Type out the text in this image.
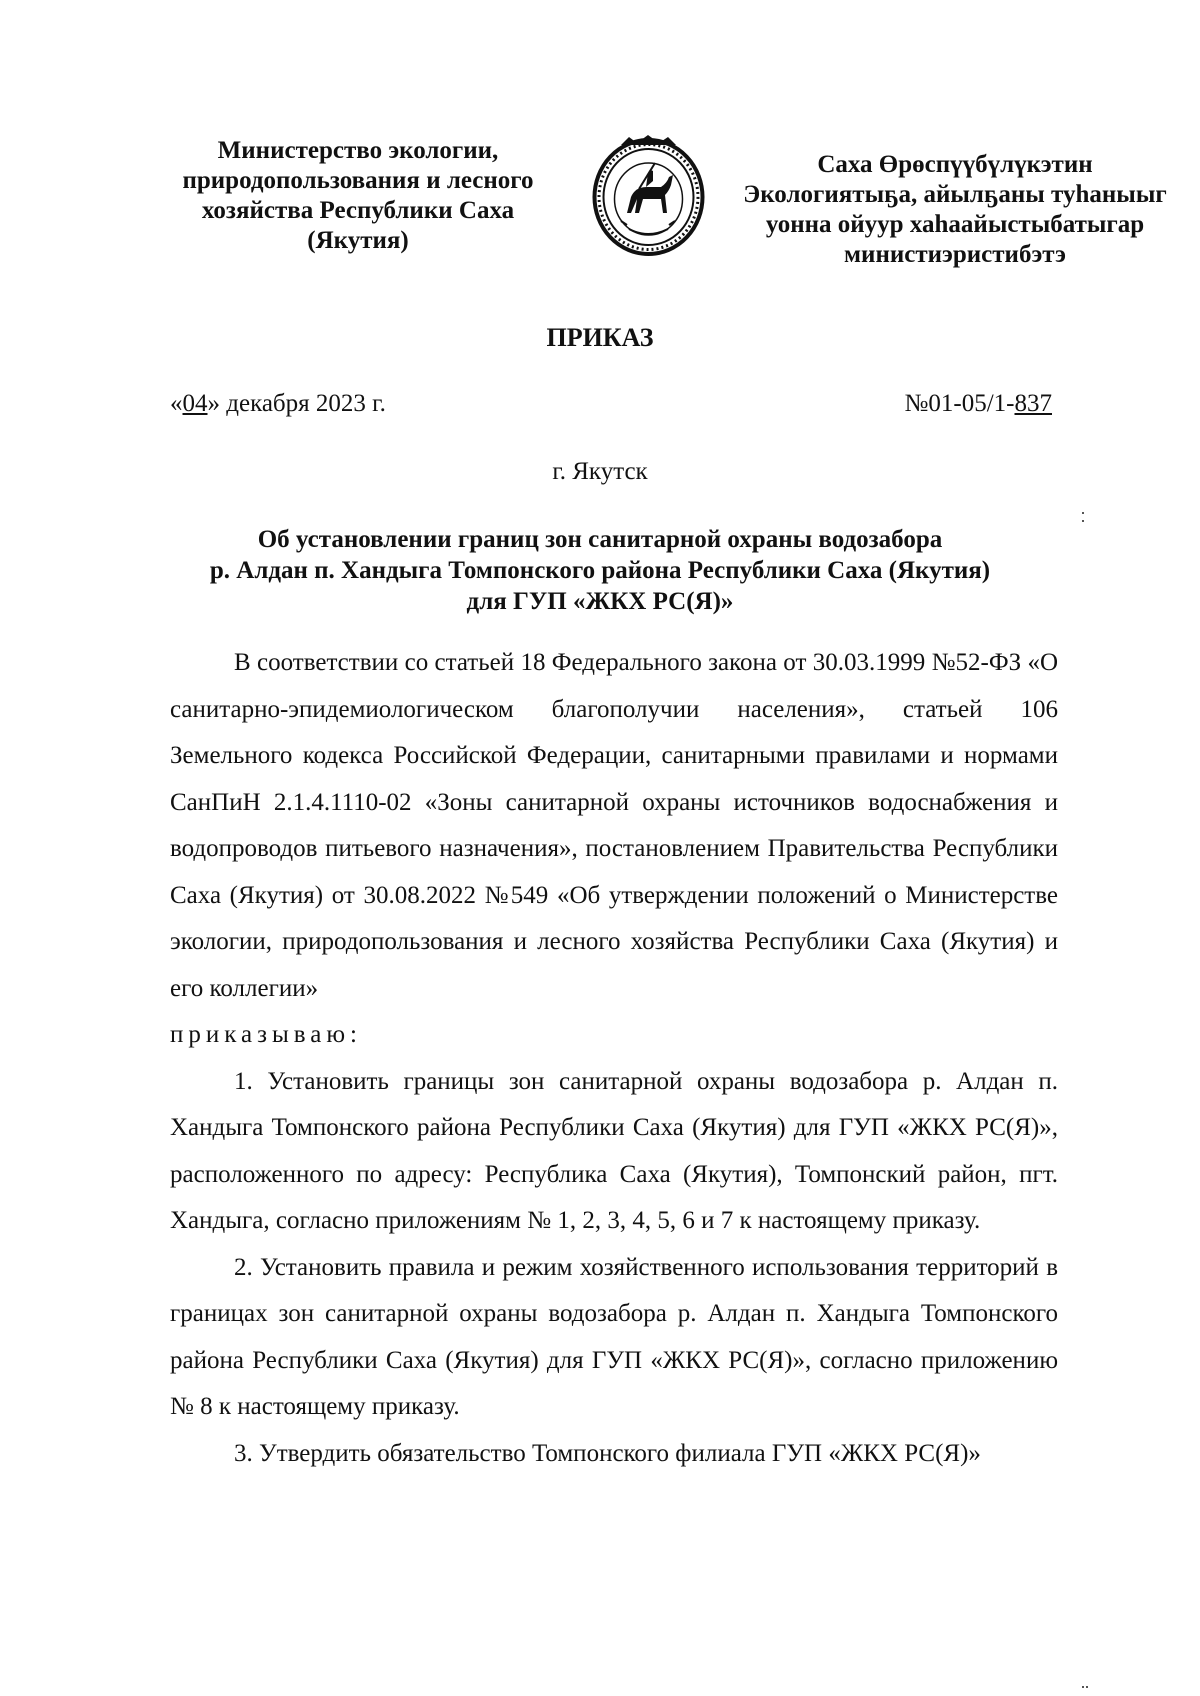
Министерство экологии,
природопользования и лесного
хозяйства Республики Саха
(Якутия)
Саха Өрөспүүбүлүкэтин
Экологиятыҕа, айылҕаны туһаныыг
уонна ойуур хаһаайыстыбатыгар
министиэристибэтэ
ПРИКАЗ
«04» декабря 2023 г.	№01-05/1-837
г. Якутск
Об установлении границ зон санитарной охраны водозабора
р. Алдан п. Хандыга Томпонского района Республики Саха (Якутия)
для ГУП «ЖКХ РС(Я)»

В соответствии со статьей 18 Федерального закона от 30.03.1999 №52-ФЗ «О санитарно-эпидемиологическом благополучии населения», статьей 106 Земельного кодекса Российской Федерации, санитарными правилами и нормами СанПиН 2.1.4.1110-02 «Зоны санитарной охраны источников водоснабжения и водопроводов питьевого назначения», постановлением Правительства Республики Саха (Якутия) от 30.08.2022 №549 «Об утверждении положений о Министерстве экологии, природопользования и лесного хозяйства Республики Саха (Якутия) и его коллегии»

приказываю:

1. Установить границы зон санитарной охраны водозабора р. Алдан п. Хандыга Томпонского района Республики Саха (Якутия) для ГУП «ЖКХ РС(Я)», расположенного по адресу: Республика Саха (Якутия), Томпонский район, пгт. Хандыга, согласно приложениям № 1, 2, 3, 4, 5, 6 и 7 к настоящему приказу.

2. Установить правила и режим хозяйственного использования территорий в границах зон санитарной охраны водозабора р. Алдан п. Хандыга Томпонского района Республики Саха (Якутия) для ГУП «ЖКХ РС(Я)», согласно приложению № 8 к настоящему приказу.

3. Утвердить обязательство Томпонского филиала ГУП «ЖКХ РС(Я)»
